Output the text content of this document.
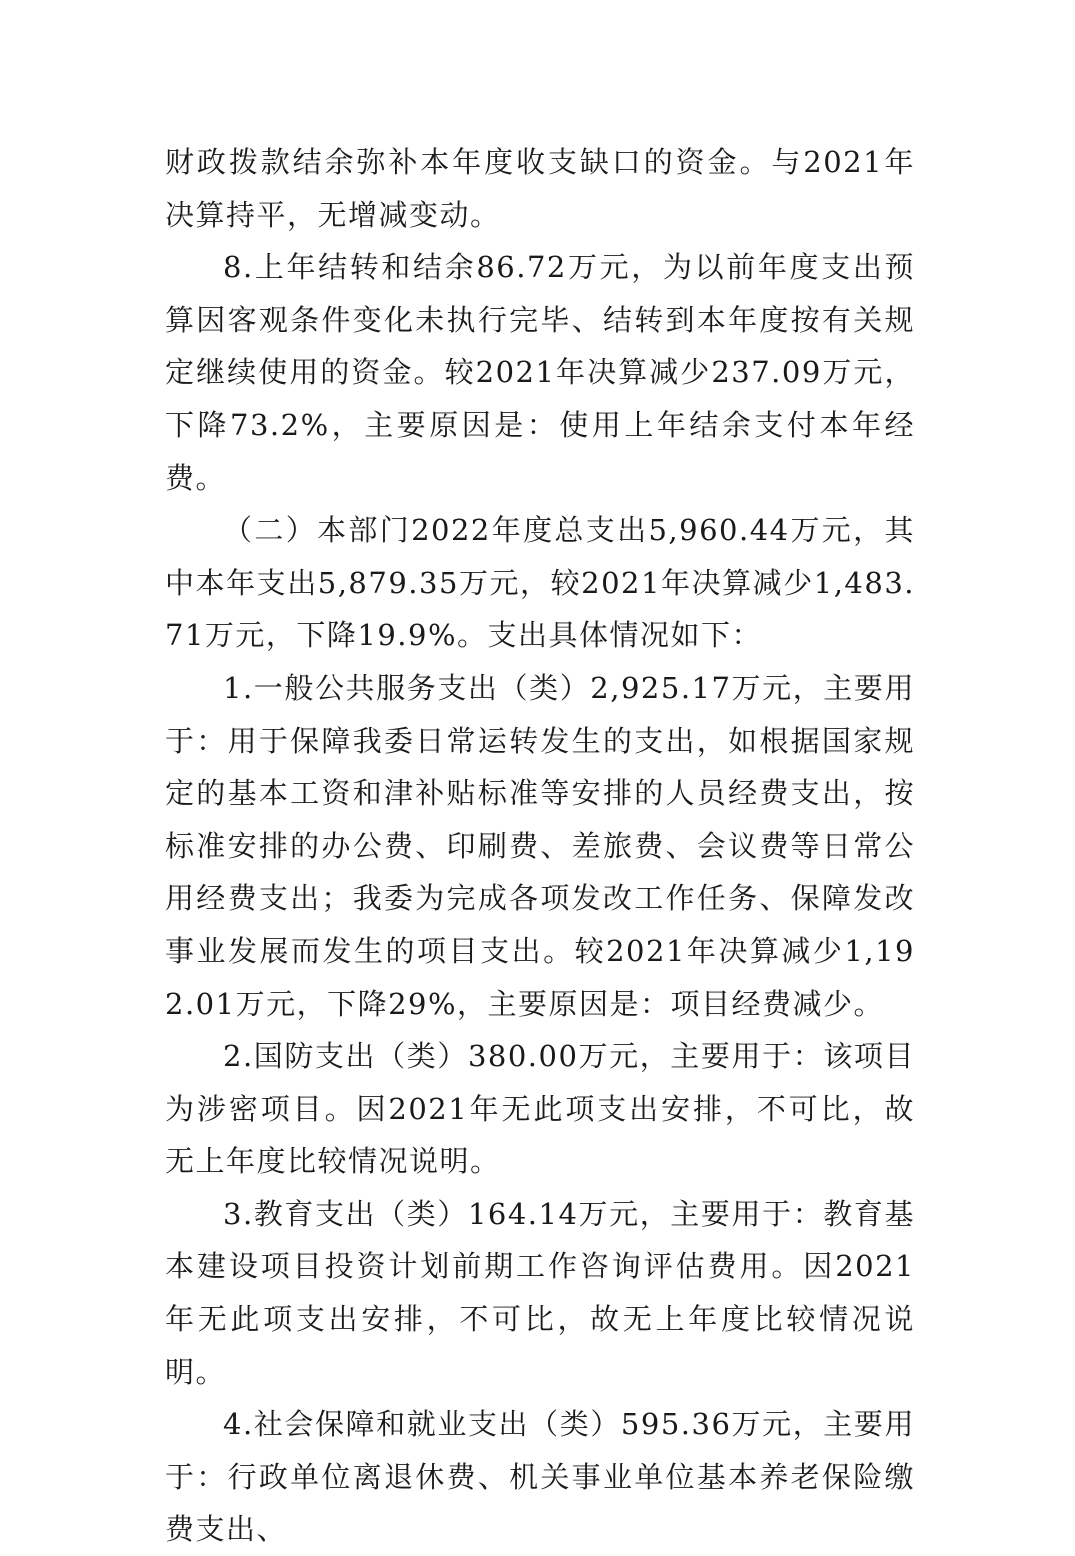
财政拨款结余弥补本年度收支缺口的资金。与2021年决算持平，无增减变动。

8.上年结转和结余86.72万元，为以前年度支出预算因客观条件变化未执行完毕、结转到本年度按有关规定继续使用的资金。较2021年决算减少237.09万元，下降73.2%，主要原因是：使用上年结余支付本年经费。

（二）本部门2022年度总支出5,960.44万元，其中本年支出5,879.35万元，较2021年决算减少1,483.71万元，下降19.9%。支出具体情况如下：

1.一般公共服务支出（类）2,925.17万元，主要用于：用于保障我委日常运转发生的支出，如根据国家规定的基本工资和津补贴标准等安排的人员经费支出，按标准安排的办公费、印刷费、差旅费、会议费等日常公用经费支出；我委为完成各项发改工作任务、保障发改事业发展而发生的项目支出。较2021年决算减少1,192.01万元，下降29%，主要原因是：项目经费减少。

2.国防支出（类）380.00万元，主要用于：该项目为涉密项目。因2021年无此项支出安排，不可比，故无上年度比较情况说明。

3.教育支出（类）164.14万元，主要用于：教育基本建设项目投资计划前期工作咨询评估费用。因2021年无此项支出安排，不可比，故无上年度比较情况说明。

4.社会保障和就业支出（类）595.36万元，主要用于：行政单位离退休费、机关事业单位基本养老保险缴费支出、
